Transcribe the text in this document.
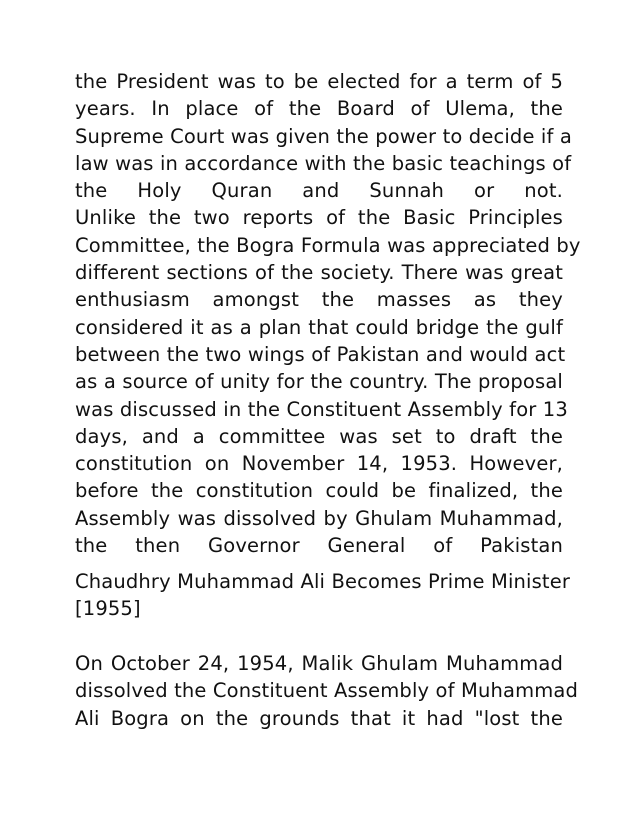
the President was to be elected for a term of 5
years. In place of the Board of Ulema, the
Supreme Court was given the power to decide if a
law was in accordance with the basic teachings of
the Holy Quran and Sunnah or not.
Unlike the two reports of the Basic Principles
Committee, the Bogra Formula was appreciated by
different sections of the society. There was great
enthusiasm amongst the masses as they
considered it as a plan that could bridge the gulf
between the two wings of Pakistan and would act
as a source of unity for the country. The proposal
was discussed in the Constituent Assembly for 13
days, and a committee was set to draft the
constitution on November 14, 1953. However,
before the constitution could be finalized, the
Assembly was dissolved by Ghulam Muhammad,
the then Governor General of Pakistan
Chaudhry Muhammad Ali Becomes Prime Minister
[1955]
On October 24, 1954, Malik Ghulam Muhammad
dissolved the Constituent Assembly of Muhammad
Ali Bogra on the grounds that it had "lost the
